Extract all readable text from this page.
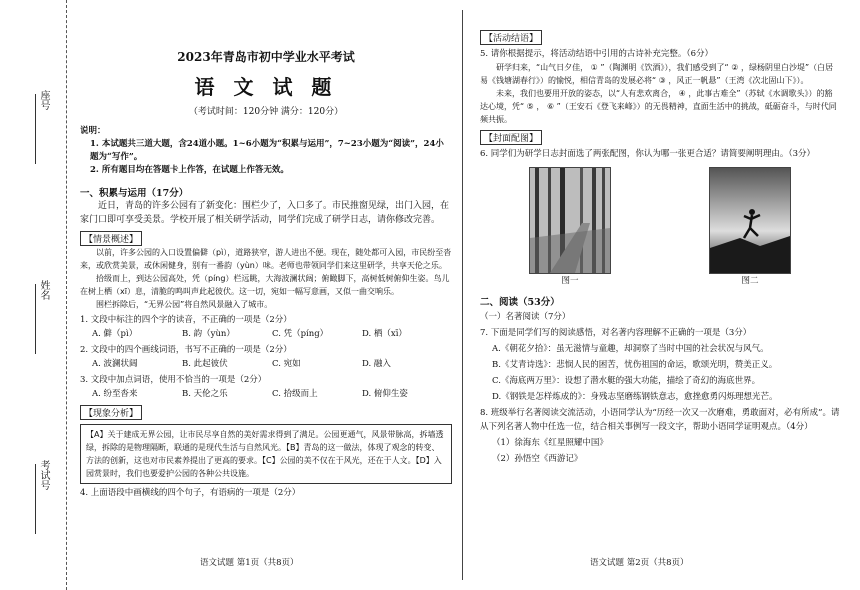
座号
姓名
考试号
2023年青岛市初中学业水平考试
语 文 试 题
（考试时间：120分钟 满分：120分）
说明：
1. 本试题共三道大题，含24道小题。1~6小题为“积累与运用”，7~23小题为“阅读”，24小题为“写作”。
2. 所有题目均在答题卡上作答，在试题上作答无效。
一、积累与运用（17分）
近日，青岛的许多公园有了新变化：围栏少了，入口多了。市民推窗见绿，出门入园，在家门口即可享受美景。学校开展了相关研学活动，同学们完成了研学日志，请你修改完善。
【情景概述】
以前，许多公园的入口设置偏僻（pì），道路狭窄，游人进出不便。现在，随处都可入园，市民纷至沓来，或欣赏美景，或休闲健身，别有一番韵（yùn）味。老师也带领同学们来这里研学，共享天伦之乐。
拾级而上，到达公园高处，凭（píng）栏远眺，大海波澜状阔；俯瞰脚下，高树低树俯仰生姿。鸟儿在树上栖（xī）息，清脆的鸣叫声此起彼伏。这一切，宛如一幅写意画，又似一曲交响乐。
围栏拆除后，“无界公园”将自然风景融入了城市。
1. 文段中标注的四个字的读音，不正确的一项是（2分）
A. 僻（pì）	B. 韵（yùn）	C. 凭（píng）	D. 栖（xī）
2. 文段中的四个画线词语，书写不正确的一项是（2分）
A. 波澜状阔	B. 此起彼伏	C. 宛如	D. 融入
3. 文段中加点词语，使用不恰当的一项是（2分）
A. 纷至沓来	B. 天伦之乐	C. 拾级而上	D. 俯仰生姿
【现象分析】
【A】关于建成无界公园，让市民尽享自然的美好需求得到了满足。公园更通气，风景带脉高，拆墙透绿，拆除的是物理隔断，联通的是现代生活与自然风光。【B】青岛的这一做法，体现了观念的转变、方法的创新，这也对市民素养提出了更高的要求。【C】公园的美不仅在于风光，还在于人文。【D】入园赏景时，我们也要爱护公园的各种公共设施。
4. 上面语段中画横线的四个句子，有语病的一项是（2分）
语文试题 第1页（共8页）
【活动结语】
5. 请你根据提示，将活动结语中引用的古诗补充完整。（6分）
研学归来，“山气日夕佳， ① ”（陶渊明《饮酒》），我们感受到了“ ② ，绿杨阴里白沙堤”（白居易《钱塘湖春行》）的愉悦，相信青岛的发展必将“ ③ ，风正一帆悬”（王湾《次北固山下》）。
未来，我们也要用开放的姿态，以“人有悲欢离合， ④ ，此事古难全”（苏轼《水调歌头》）的豁达心境，凭“ ⑤ ， ⑥ ”（王安石《登飞来峰》）的无畏精神，直面生活中的挑战，砥砺奋斗，与时代同频共振。
【封面配图】
6. 同学们为研学日志封面选了两张配图，你认为哪一张更合适？请简要阐明理由。（3分）
图一	图二
二、阅读（53分）
（一）名著阅读（7分）
7. 下面是同学们写的阅读感悟，对名著内容理解不正确的一项是（3分）
A.《朝花夕拾》：虽无滋情与童趣，却洞察了当时中国的社会状况与风气。
B.《艾青诗选》：悲悯人民的困苦，忧伤祖国的命运，歌颂光明，赞美正义。
C.《海底两万里》：设想了潜水艇的强大功能，描绘了奇幻的海底世界。
D.《钢铁是怎样炼成的》：身残志坚磨练钢铁意志，愈挫愈勇闪烁理想光芒。
8. 班级举行名著阅读交流活动，小语同学认为“历经一次又一次磨难，勇敢面对，必有所成”。请从下列名著人物中任选一位，结合相关事例写一段文字，帮助小语同学证明观点。（4分）
（1）徐海东《红星照耀中国》
（2）孙悟空《西游记》
语文试题 第2页（共8页）
